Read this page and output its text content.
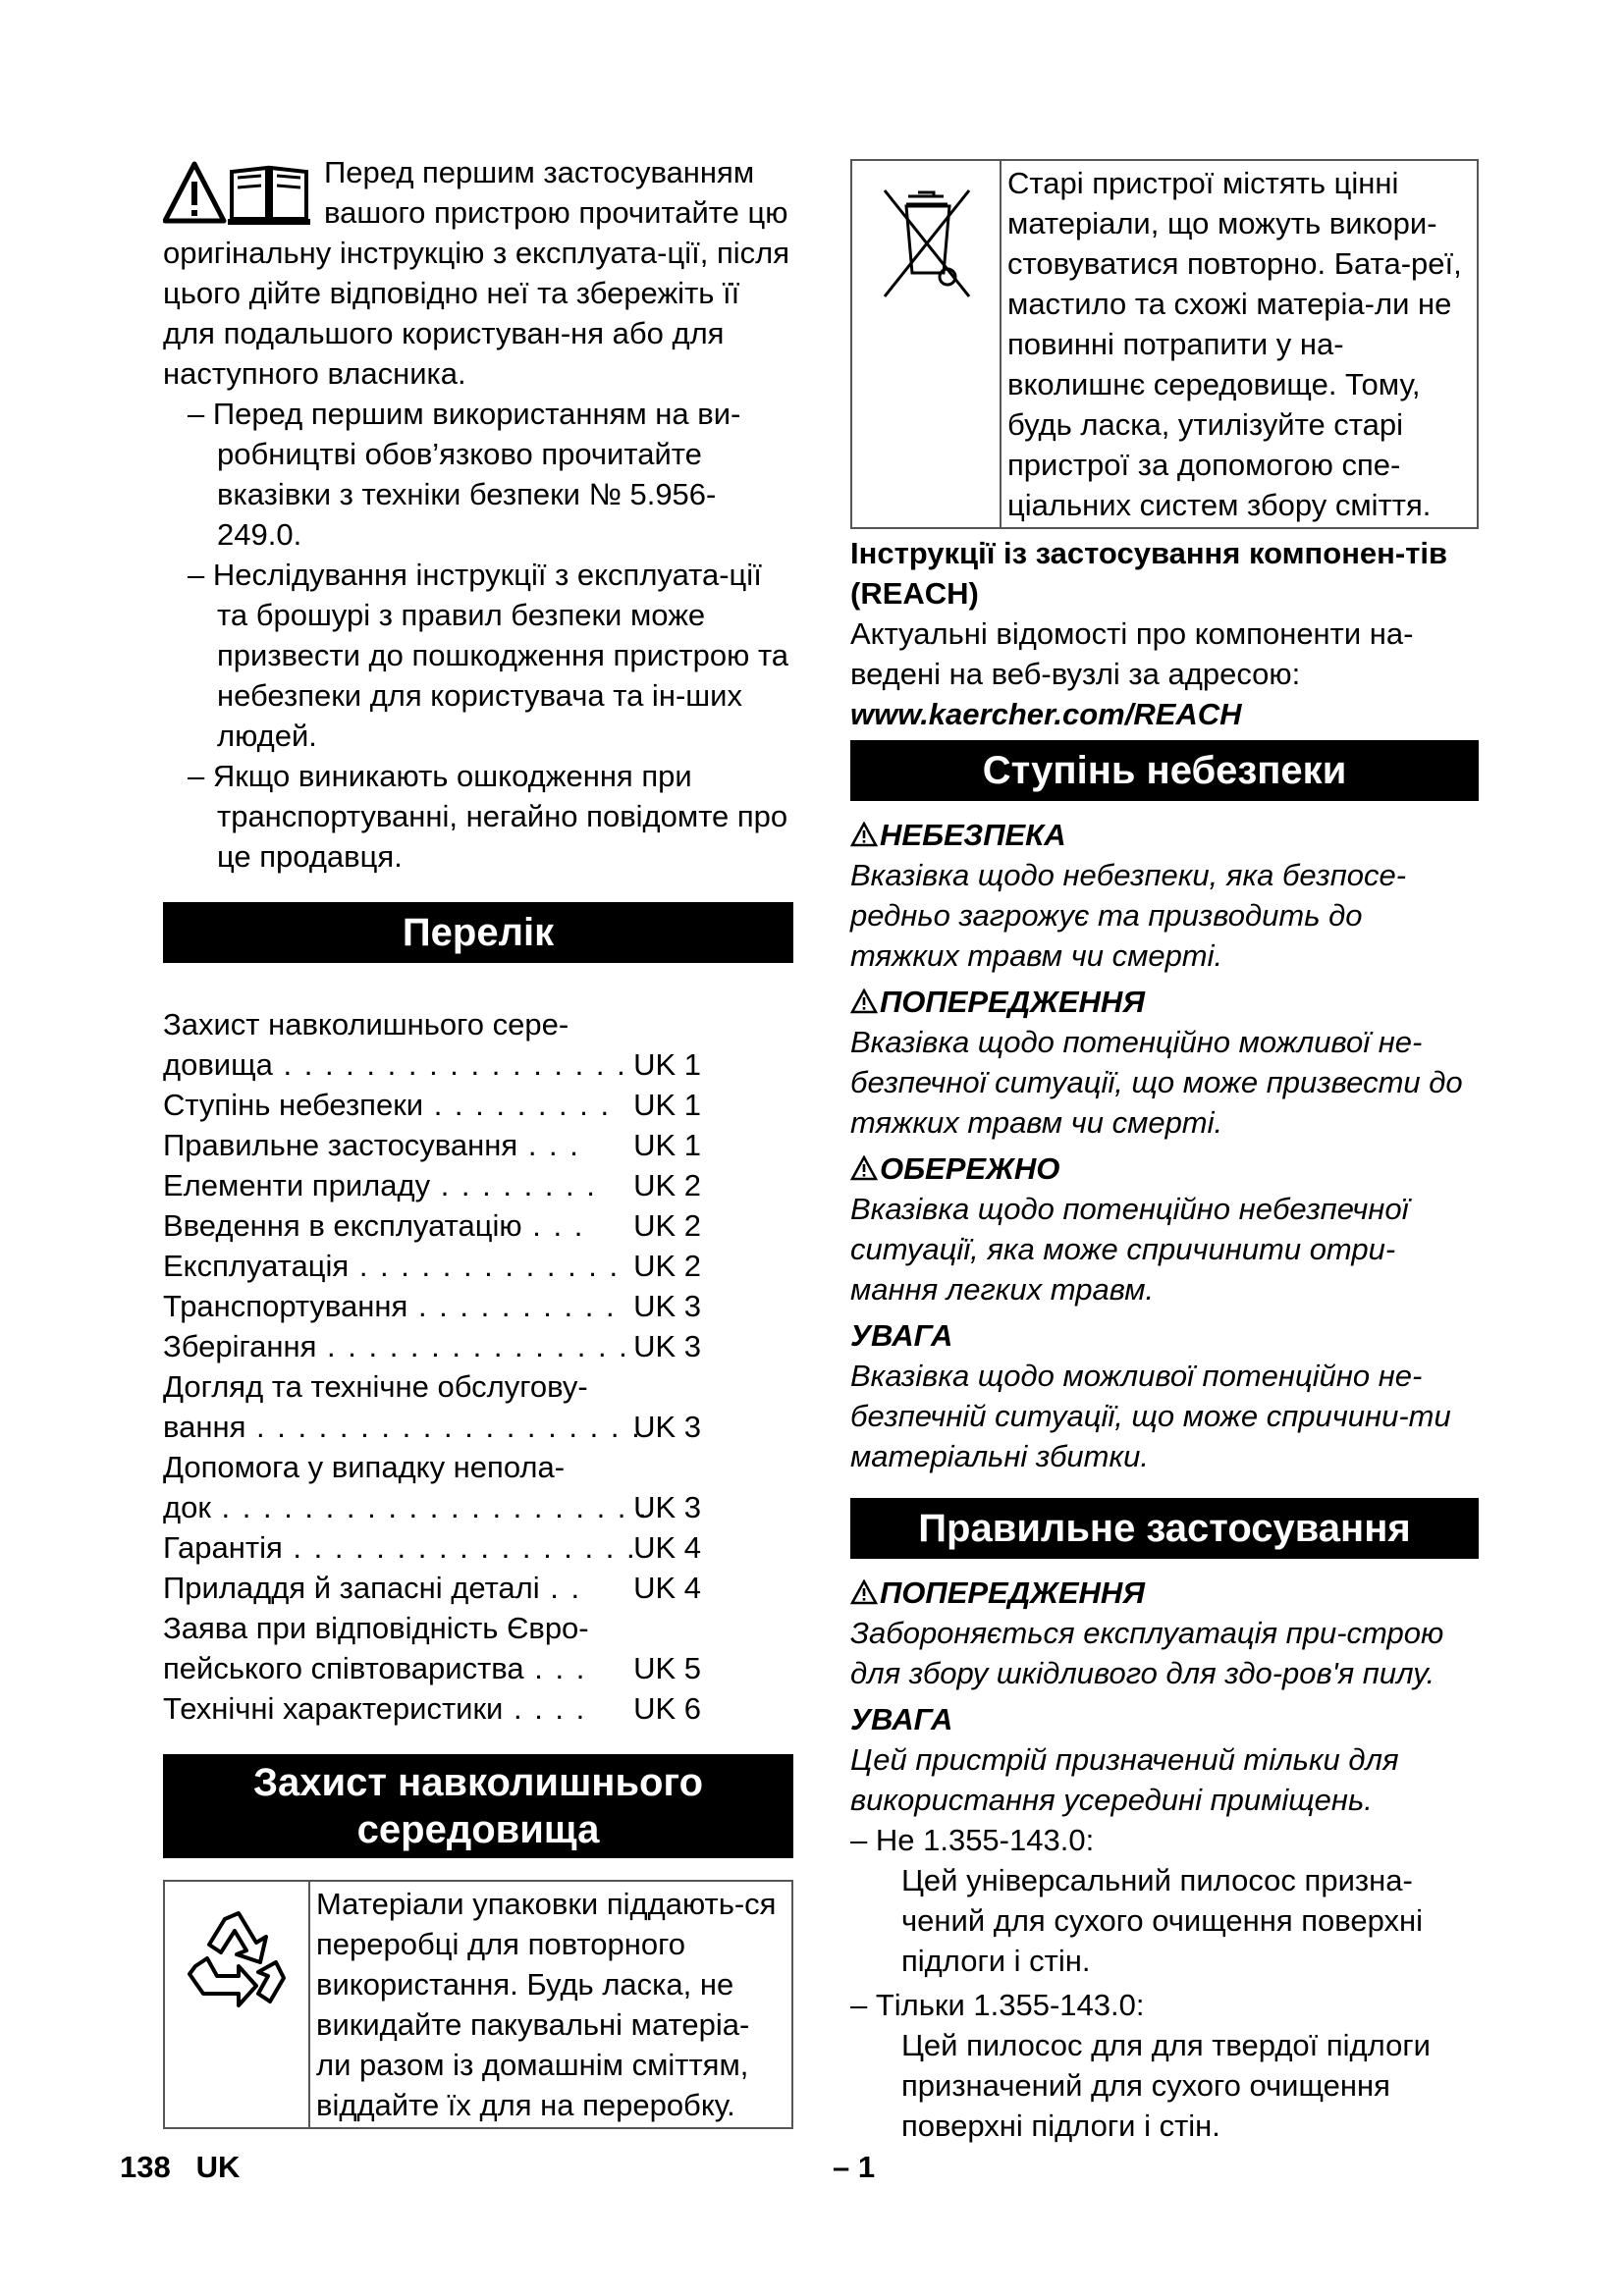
Перед першим застосуванням вашого пристрою прочитайте цю оригінальну інструкцію з експлуата-ції, після цього дійте відповідно неї та збережіть її для подальшого користуван-ня або для наступного власника.

– Перед першим використанням на ви-робництві обов’язково прочитайте вказівки з техніки безпеки № 5.956-249.0.

– Неслідування інструкції з експлуата-ції та брошурі з правил безпеки може призвести до пошкодження пристрою та небезпеки для користувача та ін-ших людей.

– Якщо виникають ошкодження при транспортуванні, негайно повідомте про це продавця.

Перелік
Захист навколишнього сере-
довища . . . . . . . . . . . . . . . . . UK 1
Ступінь небезпеки . . . . . . . . . UK 1
Правильне застосування . . . UK 1
Елементи приладу . . . . . . . . UK 2
Введення в експлуатацію . . . UK 2
Експлуатація . . . . . . . . . . . . . UK 2
Транспортування . . . . . . . . . . UK 3
Зберігання . . . . . . . . . . . . . . . UK 3
Догляд та технічне обслугову-
вання . . . . . . . . . . . . . . . . . . .
UK 3
Допомога у випадку непола-
док . . . . . . . . . . . . . . . . . . . . .
UK 3
Гарантія . . . . . . . . . . . . . . . . .
UK 4
Приладдя й запасні деталі . . UK 4
Заява при відповідність Євро-
пейського співтовариства . . . UK 5
Технічні характеристики . . . . UK 6
Захист навколишнього
середовища
Матеріали упаковки піддають-ся переробці для повторного використання. Будь ласка, не викидайте пакувальні матеріа-ли разом із домашнім сміттям, віддайте їх для на переробку.
Старі пристрої містять цінні матеріали, що можуть викори-стовуватися повторно. Бата-реї, мастило та схожі матеріа-ли не повинні потрапити у на-вколишнє середовище. Тому, будь ласка, утилізуйте старі пристрої за допомогою спе-ціальних систем збору сміття.

Інструкції із застосування компонен-тів (REACH)

Актуальні відомості про компоненти на-ведені на веб-вузлі за адресою:

www.kaercher.com/REACH

Ступінь небезпеки

НЕБЕЗПЕКА

Вказівка щодо небезпеки, яка безпосе-редньо загрожує та призводить до тяжких травм чи смерті.

ПОПЕРЕДЖЕННЯ

Вказівка щодо потенційно можливої не-безпечної ситуації, що може призвести до тяжких травм чи смерті.

ОБЕРЕЖНО

Вказівка щодо потенційно небезпечної ситуації, яка може спричинити отри-мання легких травм.

УВАГА

Вказівка щодо можливої потенційно не-безпечній ситуації, що може спричини-ти матеріальні збитки.

Правильне застосування

ПОПЕРЕДЖЕННЯ

Забороняється експлуатація при-строю для збору шкідливого для здо-ров'я пилу.

УВАГА

Цей пристрій призначений тільки для використання усередині приміщень.

– Не 1.355-143.0:

Цей універсальний пилосос призна-чений для сухого очищення поверхні підлоги і стін.

– Тільки 1.355-143.0:

Цей пилосос для для твердої підлоги призначений для сухого очищення поверхні підлоги і стін.

138 UK	– 1
